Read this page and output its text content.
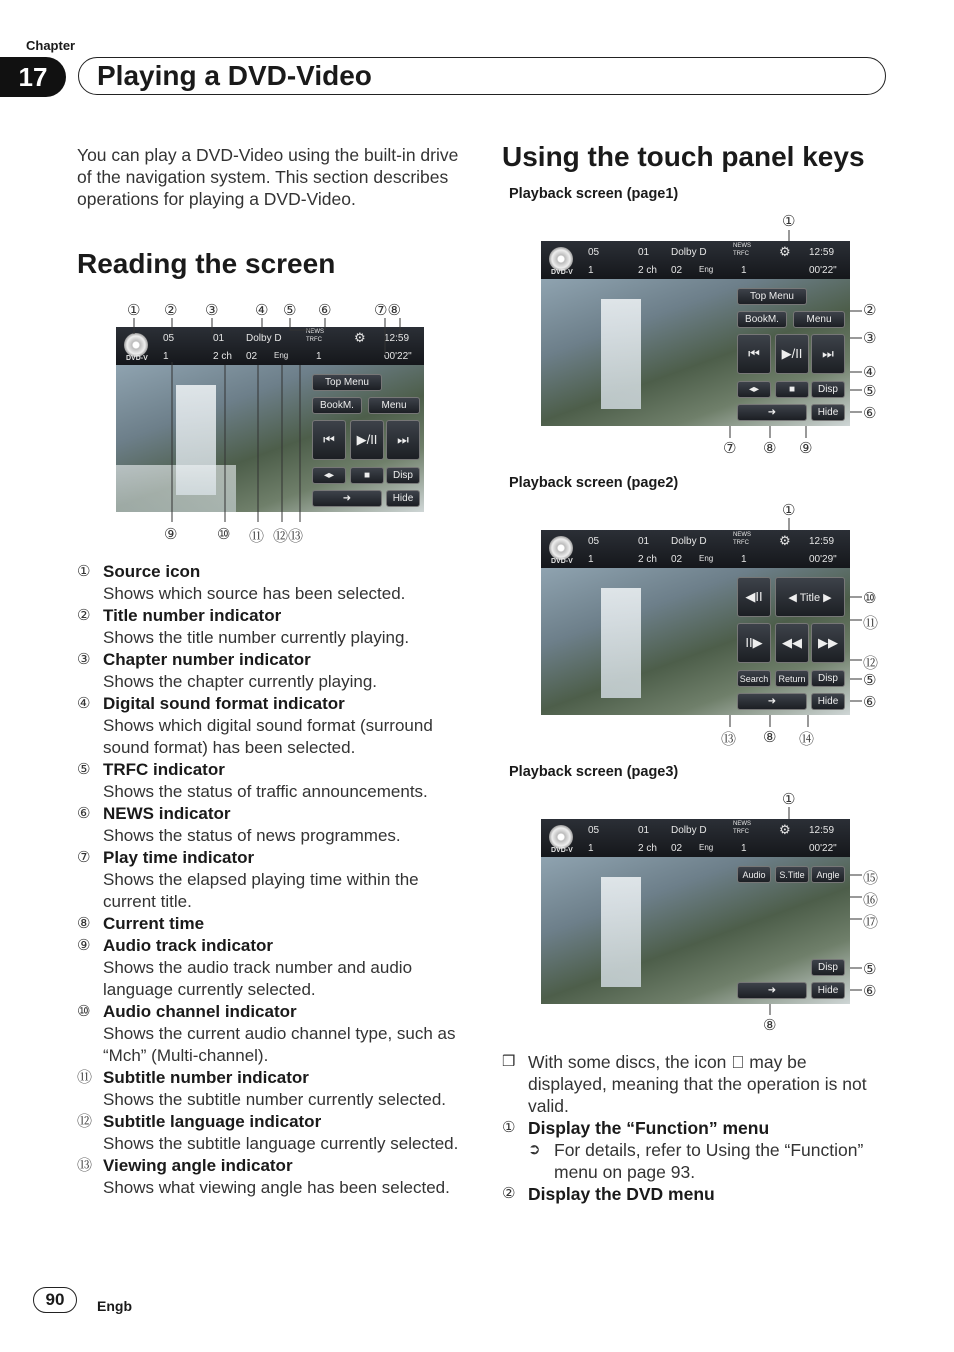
Chapter
17	Playing a DVD-Video
You can play a DVD-Video using the built-in drive of the navigation system. This section describes operations for playing a DVD-Video.
Reading the screen
① ② ③ ④ ⑤ ⑥	⑦⑧
DVD-V
05	01 Dolby D
NEWS
TRFC ⚙ 12:59
1	2 ch 02 Eng	1	00'22"
Top Menu
BookM.	Menu
⏮	▶/II	⏭
◂▸	■	Disp
➜	Hide
⑨	⑩ ⑪ ⑫⑬
① Source icon
Shows which source has been selected.
② Title number indicator
Shows the title number currently playing.
③ Chapter number indicator
Shows the chapter currently playing.
④ Digital sound format indicator
Shows which digital sound format (surround sound format) has been selected.
⑤ TRFC indicator
Shows the status of traffic announcements.
⑥ NEWS indicator
Shows the status of news programmes.
⑦ Play time indicator
Shows the elapsed playing time within the current title.
⑧ Current time
⑨ Audio track indicator
Shows the audio track number and audio language currently selected.
⑩ Audio channel indicator
Shows the current audio channel type, such as “Mch” (Multi-channel).
⑪ Subtitle number indicator
Shows the subtitle number currently selected.
⑫ Subtitle language indicator
Shows the subtitle language currently selected.
⑬ Viewing angle indicator
Shows what viewing angle has been selected.
Using the touch panel keys
Playback screen (page1)
①
DVD-V
05	01 Dolby D
NEWS
TRFC ⚙ 12:59
1	2 ch 02 Eng	1	00'22"
Top Menu
BookM.	Menu
⏮	▶/II	⏭
◂▸	■	Disp
➜	Hide
②
③
④
⑤
⑥
⑦ ⑧ ⑨
Playback screen (page2)
①
DVD-V
05	01 Dolby D
NEWS
TRFC ⚙ 12:59
1	2 ch 02 Eng	1	00'29"
◀II	◀ Title ▶
II▶	◀◀	▶▶
Search	Return	Disp
➜	Hide
⑩
⑪
⑫
⑤
⑥
⑬ ⑧ ⑭
Playback screen (page3)
①
DVD-V
05	01 Dolby D
NEWS
TRFC ⚙ 12:59
1	2 ch 02 Eng	1	00'22"
Audio	S.Title	Angle
Disp
➜	Hide
⑮
⑯
⑰
⑤
⑥
⑧
❒ With some discs, the icon ⃠ may be displayed, meaning that the operation is not valid.
① Display the “Function” menu
➲ For details, refer to Using the “Function” menu on page 93.
② Display the DVD menu
90	Engb
